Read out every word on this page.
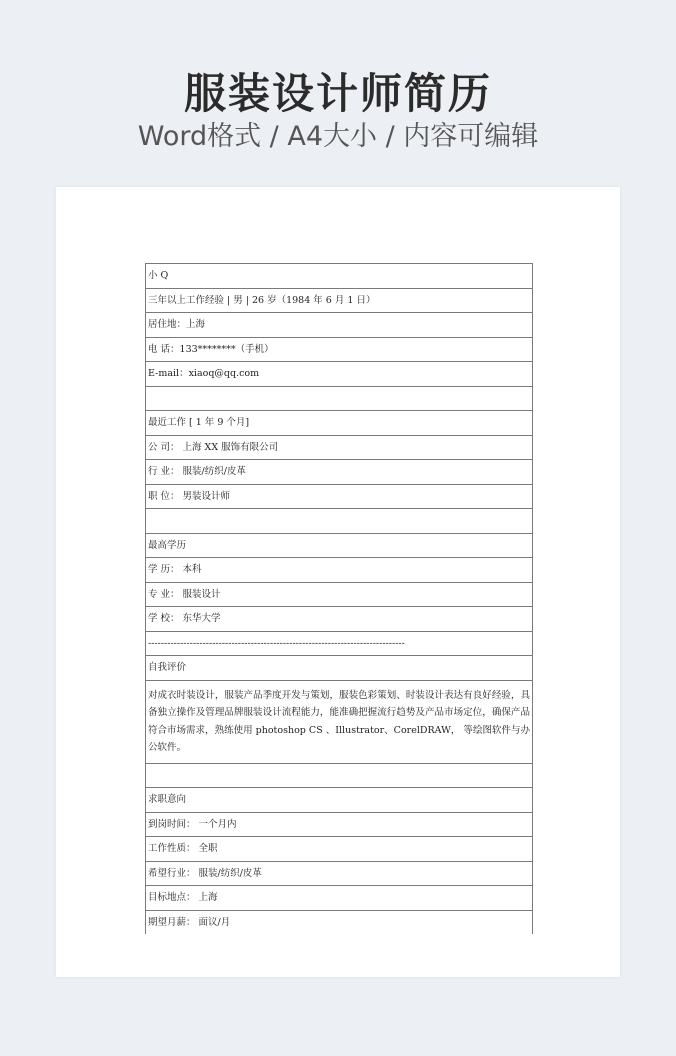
服装设计师简历
Word格式 / A4大小 / 内容可编辑
小 Q
三年以上工作经验 | 男 | 26 岁（1984 年 6 月 1 日）
居住地：上海
电 话：133********（手机）
E-mail：xiaoq@qq.com
最近工作 [ 1 年 9 个月]
公 司： 上海 XX 服饰有限公司
行 业： 服装/纺织/皮革
职 位： 男装设计师
最高学历
学 历： 本科
专 业： 服装设计
学 校： 东华大学
--------------------------------------------------------------------------------
自我评价
对成衣时装设计，服装产品季度开发与策划，服装色彩策划、时装设计表达有良好经验，具备独立操作及管理品牌服装设计流程能力，能准确把握流行趋势及产品市场定位，确保产品符合市场需求，熟练使用 photoshop CS 、Illustrator、CorelDRAW， 等绘图软件与办公软件。
求职意向
到岗时间： 一个月内
工作性质： 全职
希望行业： 服装/纺织/皮革
目标地点： 上海
期望月薪： 面议/月
